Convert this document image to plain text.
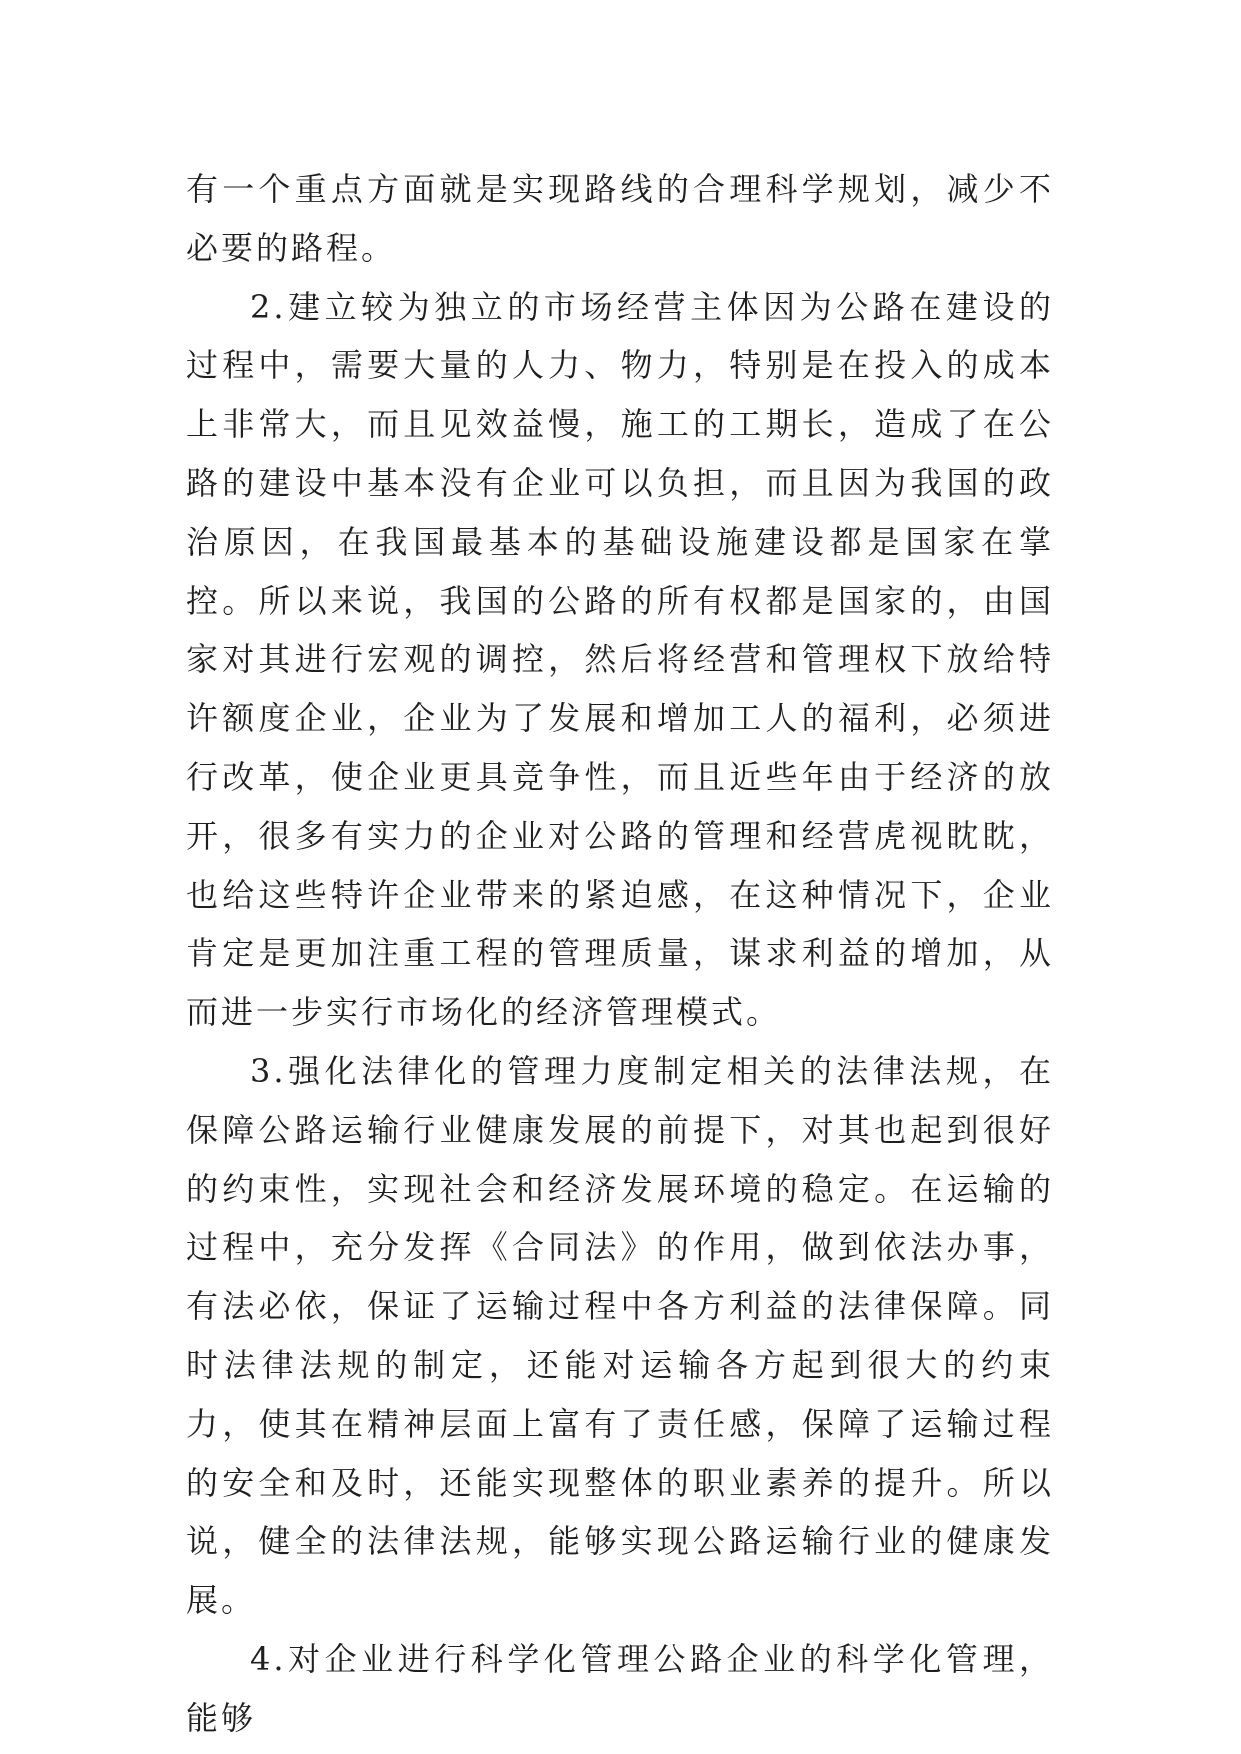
有一个重点方面就是实现路线的合理科学规划，减少不必要的路程。

2.建立较为独立的市场经营主体因为公路在建设的过程中，需要大量的人力、物力，特别是在投入的成本上非常大，而且见效益慢，施工的工期长，造成了在公路的建设中基本没有企业可以负担，而且因为我国的政治原因，在我国最基本的基础设施建设都是国家在掌控。所以来说，我国的公路的所有权都是国家的，由国家对其进行宏观的调控，然后将经营和管理权下放给特许额度企业，企业为了发展和增加工人的福利，必须进行改革，使企业更具竞争性，而且近些年由于经济的放开，很多有实力的企业对公路的管理和经营虎视眈眈，也给这些特许企业带来的紧迫感，在这种情况下，企业肯定是更加注重工程的管理质量，谋求利益的增加，从而进一步实行市场化的经济管理模式。

3.强化法律化的管理力度制定相关的法律法规，在保障公路运输行业健康发展的前提下，对其也起到很好的约束性，实现社会和经济发展环境的稳定。在运输的过程中，充分发挥《合同法》的作用，做到依法办事，有法必依，保证了运输过程中各方利益的法律保障。同时法律法规的制定，还能对运输各方起到很大的约束力，使其在精神层面上富有了责任感，保障了运输过程的安全和及时，还能实现整体的职业素养的提升。所以说，健全的法律法规，能够实现公路运输行业的健康发展。

4.对企业进行科学化管理公路企业的科学化管理，能够
